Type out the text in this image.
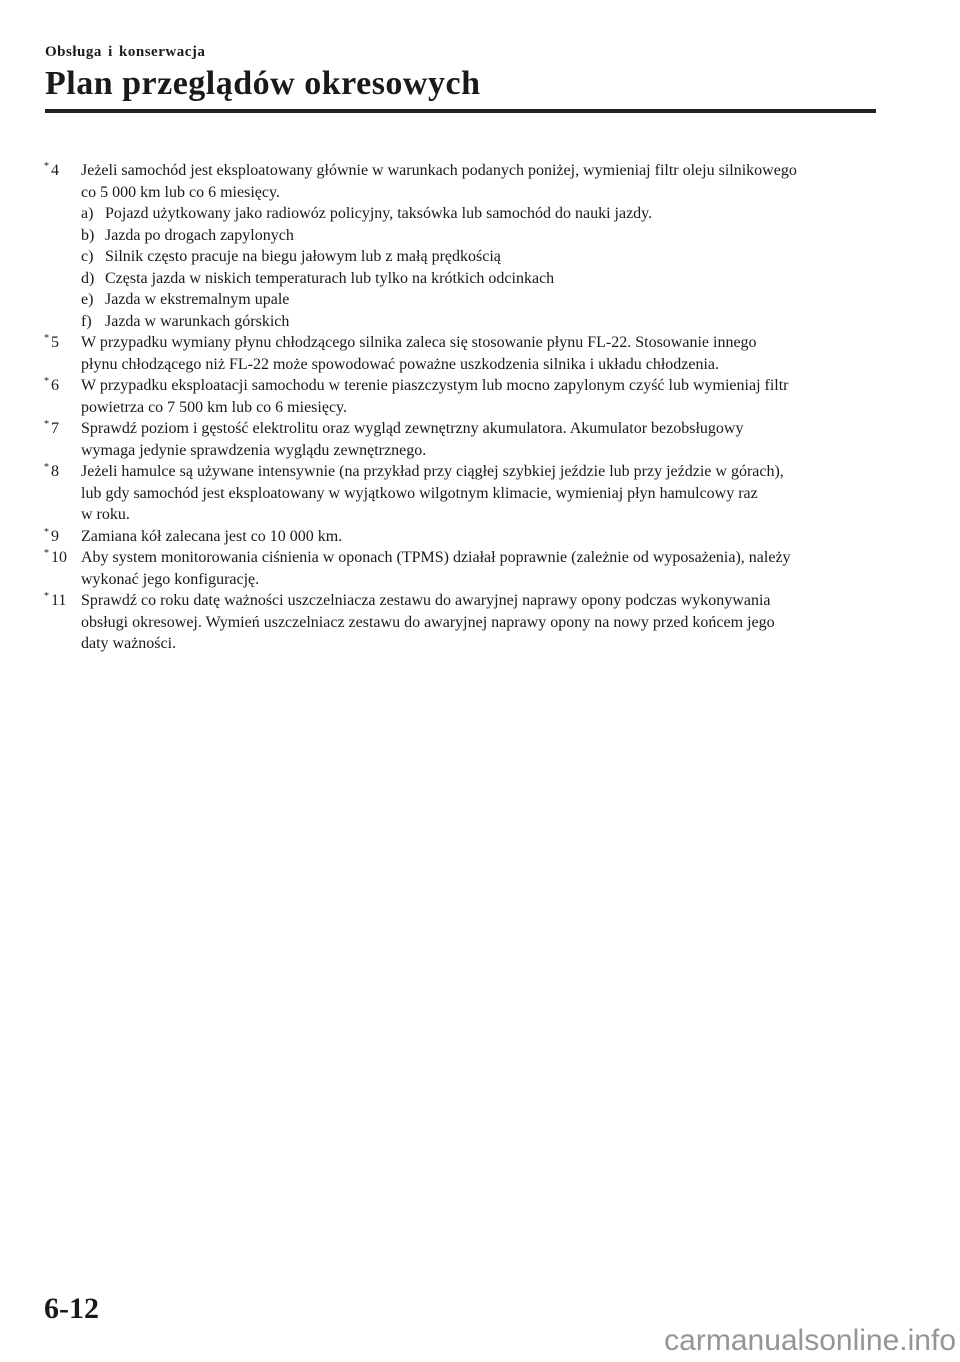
Obsługa i konserwacja
Plan przeglądów okresowych
* 4 Jeżeli samochód jest eksploatowany głównie w warunkach podanych poniżej, wymieniaj filtr oleju silnikowego
co 5 000 km lub co 6 miesięcy.
a) Pojazd użytkowany jako radiowóz policyjny, taksówka lub samochód do nauki jazdy.
b) Jazda po drogach zapylonych
c) Silnik często pracuje na biegu jałowym lub z małą prędkością
d) Częsta jazda w niskich temperaturach lub tylko na krótkich odcinkach
e) Jazda w ekstremalnym upale
f) Jazda w warunkach górskich
* 5 W przypadku wymiany płynu chłodzącego silnika zaleca się stosowanie płynu FL-22. Stosowanie innego
płynu chłodzącego niż FL-22 może spowodować poważne uszkodzenia silnika i układu chłodzenia.
* 6 W przypadku eksploatacji samochodu w terenie piaszczystym lub mocno zapylonym czyść lub wymieniaj filtr
powietrza co 7 500 km lub co 6 miesięcy.
* 7 Sprawdź poziom i gęstość elektrolitu oraz wygląd zewnętrzny akumulatora. Akumulator bezobsługowy
wymaga jedynie sprawdzenia wyglądu zewnętrznego.
* 8 Jeżeli hamulce są używane intensywnie (na przykład przy ciągłej szybkiej jeździe lub przy jeździe w górach),
lub gdy samochód jest eksploatowany w wyjątkowo wilgotnym klimacie, wymieniaj płyn hamulcowy raz
w roku.
* 9 Zamiana kół zalecana jest co 10 000 km.
* 10 Aby system monitorowania ciśnienia w oponach (TPMS) działał poprawnie (zależnie od wyposażenia), należy
wykonać jego konfigurację.
* 11 Sprawdź co roku datę ważności uszczelniacza zestawu do awaryjnej naprawy opony podczas wykonywania
obsługi okresowej. Wymień uszczelniacz zestawu do awaryjnej naprawy opony na nowy przed końcem jego
daty ważności.
6-12
carmanualsonline.info
